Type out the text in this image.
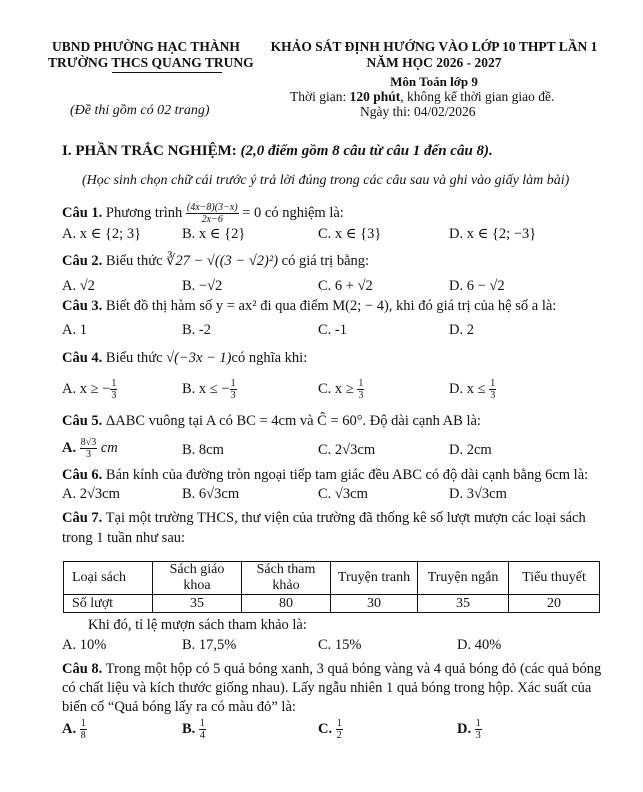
UBND PHƯỜNG HẠC THÀNH
TRƯỜNG THCS QUANG TRUNG
(Đề thi gồm có 02 trang)
KHẢO SÁT ĐỊNH HƯỚNG VÀO LỚP 10 THPT LẦN 1
NĂM HỌC 2026 - 2027
Môn Toán lớp 9
Thời gian: 120 phút, không kể thời gian giao đề.
Ngày thi: 04/02/2026
I. PHẦN TRẮC NGHIỆM: (2,0 điểm gồm 8 câu từ câu 1 đến câu 8).
(Học sinh chọn chữ cái trước ý trả lời đúng trong các câu sau và ghi vào giấy làm bài)
Câu 1. Phương trình $\frac{(4x-8)(3-x)}{2x-6} = 0$ có nghiệm là:
A. x ∈ {2; 3}	B. x ∈ {2}	C. x ∈ {3}	D. x ∈ {2; −3}
Câu 2. Biểu thức ∛27 − √((3 − √2)²) có giá trị bằng:
A. √2	B. −√2	C. 6 + √2	D. 6 − √2
Câu 3. Biết đồ thị hàm số y = ax² đi qua điểm M(2; − 4), khi đó giá trị của hệ số a là:
A. 1	B. -2	C. -1	D. 2
Câu 4. Biểu thức √(−3x − 1)có nghĩa khi:
A. x ≥ − $\frac{1}{3}$	B. x ≤ − $\frac{1}{3}$	C. $x \ge \frac{1}{3}$	D. $x \le \frac{1}{3}$
Câu 5. ΔABC vuông tại A có BC = 4cm và Ĉ = 60°. Độ dài cạnh AB là:
A. $\frac{8√3}{3}$ cm	B. 8cm	C. 2√3cm	D. 2cm
Câu 6. Bán kính của đường tròn ngoại tiếp tam giác đều ABC có độ dài cạnh bằng 6cm là:
A. 2√3cm	B. 6√3cm	C. √3cm	D. 3√3cm
Câu 7. Tại một trường THCS, thư viện của trường đã thống kê số lượt mượn các loại sách
trong 1 tuần như sau:
Loại sách	Sách giáo khoa	Sách tham khảo	Truyện tranh	Truyện ngắn	Tiểu thuyết
Số lượt	35	80	30	35	20
Khi đó, tỉ lệ mượn sách tham khảo là:
A. 10%	B. 17,5%	C. 15%	D. 40%
Câu 8. Trong một hộp có 5 quả bóng xanh, 3 quả bóng vàng và 4 quả bóng đỏ (các quả bóng
có chất liệu và kích thước giống nhau). Lấy ngẫu nhiên 1 quả bóng trong hộp. Xác suất của
biến cố “Quả bóng lấy ra có màu đỏ” là:
A. $\frac{1}{8}$	B. $\frac{1}{4}$	C. $\frac{1}{2}$	D. $\frac{1}{3}$
